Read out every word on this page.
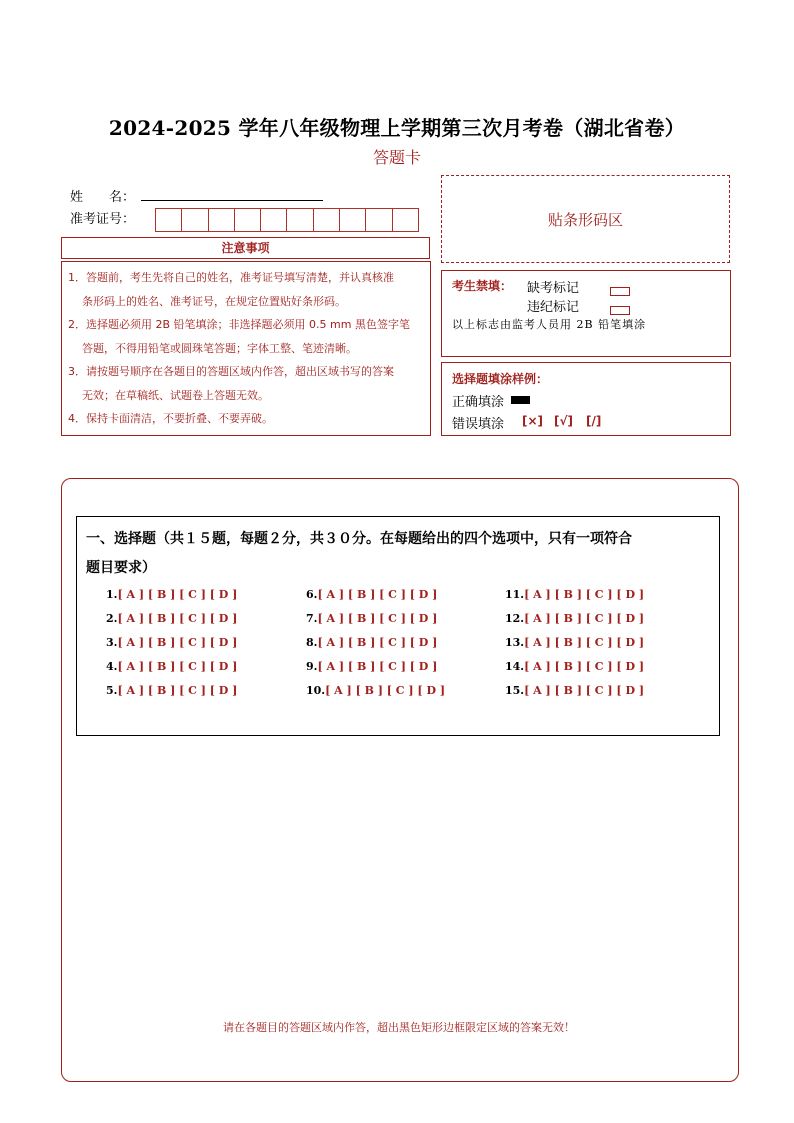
2024-2025 学年八年级物理上学期第三次月考卷（湖北省卷）
答题卡
姓　　名：
准考证号：	贴条形码区
注意事项

1．答题前，考生先将自己的姓名，准考证号填写清楚，并认真核准

条形码上的姓名、准考证号，在规定位置贴好条形码。

2．选择题必须用 2B 铅笔填涂；非选择题必须用 0.5 mm 黑色签字笔

答题，不得用铅笔或圆珠笔答题；字体工整、笔迹清晰。

3．请按题号顺序在各题目的答题区域内作答，超出区域书写的答案

无效；在草稿纸、试题卷上答题无效。

4．保持卡面清洁，不要折叠、不要弄破。

考生禁填： 缺考标记
违纪标记
以上标志由监考人员用 2B 铅笔填涂
选择题填涂样例：
正确填涂
错误填涂 [×] [√] [/]
一、选择题（共１５题，每题２分，共３０分。在每题给出的四个选项中，只有一项符合
题目要求）
1.[ A ] [ B ] [ C ] [ D ]
2.[ A ] [ B ] [ C ] [ D ]
3.[ A ] [ B ] [ C ] [ D ]
4.[ A ] [ B ] [ C ] [ D ]
5.[ A ] [ B ] [ C ] [ D ]
6.[ A ] [ B ] [ C ] [ D ]
7.[ A ] [ B ] [ C ] [ D ]
8.[ A ] [ B ] [ C ] [ D ]
9.[ A ] [ B ] [ C ] [ D ]
10.[ A ] [ B ] [ C ] [ D ]
11.[ A ] [ B ] [ C ] [ D ]
12.[ A ] [ B ] [ C ] [ D ]
13.[ A ] [ B ] [ C ] [ D ]
14.[ A ] [ B ] [ C ] [ D ]
15.[ A ] [ B ] [ C ] [ D ]
请在各题目的答题区域内作答，超出黑色矩形边框限定区域的答案无效！
